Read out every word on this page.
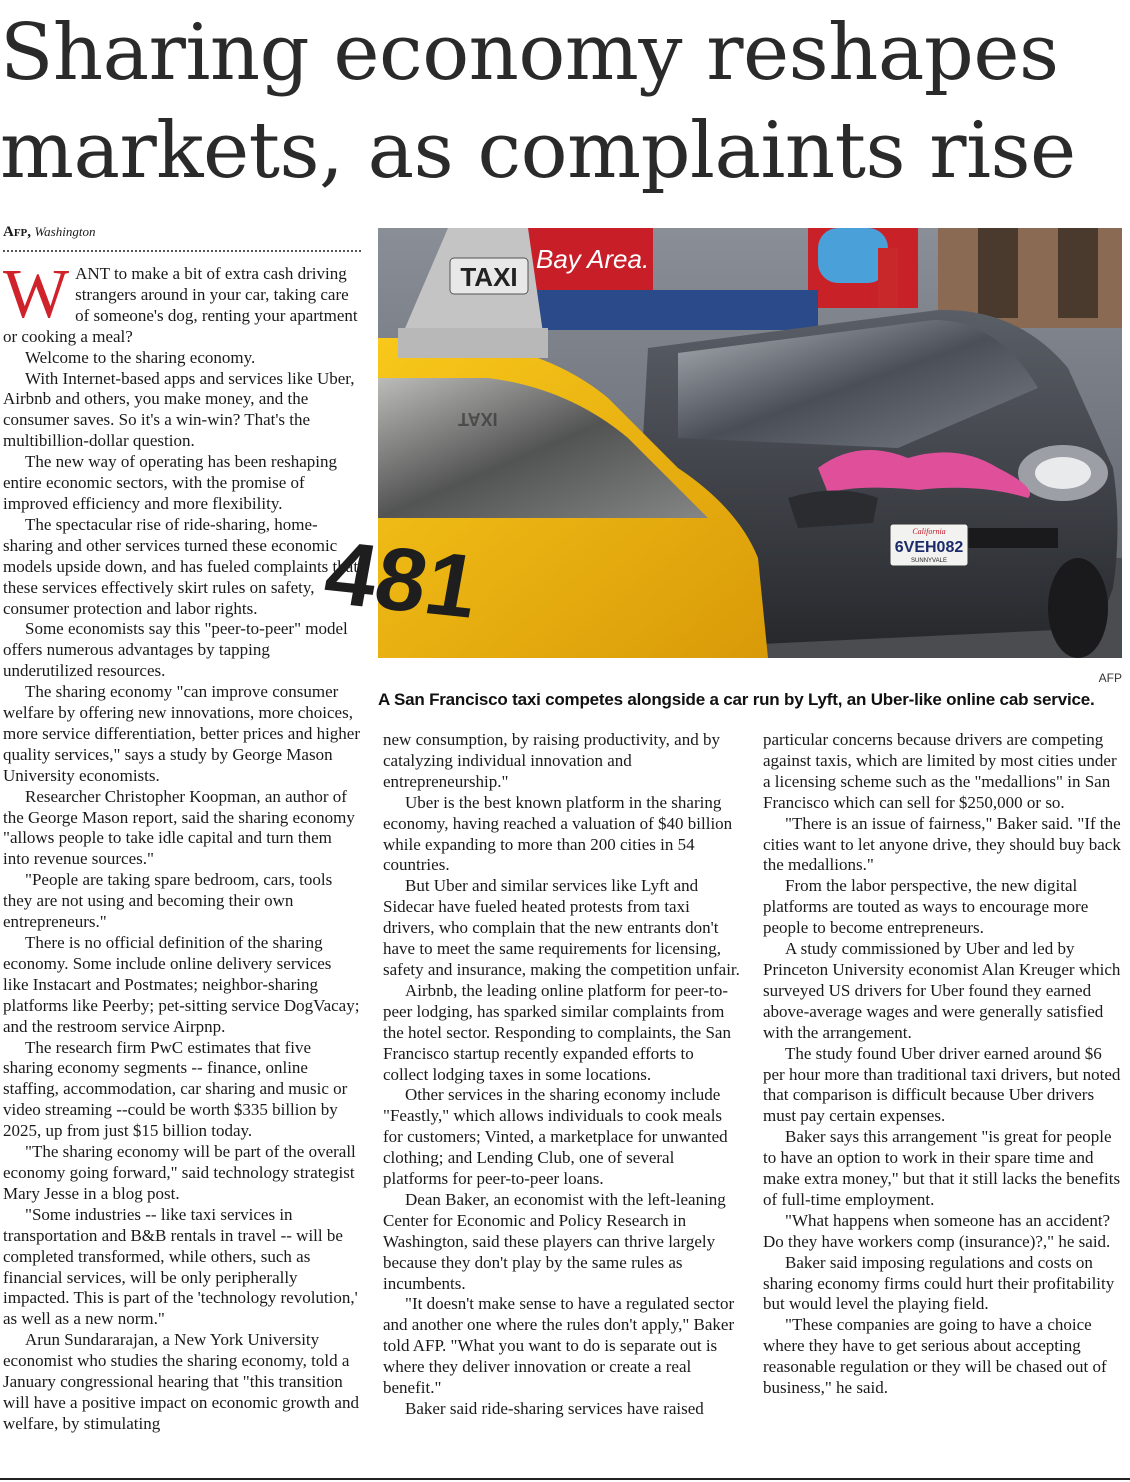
Sharing economy reshapes markets, as complaints rise
Afp, Washington

WANT to make a bit of extra cash driving strangers around in your car, taking care of someone's dog, renting your apartment or cooking a meal?

Welcome to the sharing economy.

With Internet-based apps and services like Uber, Airbnb and others, you make money, and the consumer saves. So it's a win-win? That's the multibillion-dollar question.

The new way of operating has been reshaping entire economic sectors, with the promise of improved efficiency and more flexibility.

The spectacular rise of ride-sharing, home-sharing and other services turned these economic models upside down, and has fueled complaints that these services effectively skirt rules on safety, consumer protection and labor rights.

Some economists say this "peer-to-peer" model offers numerous advantages by tapping underutilized resources.

The sharing economy "can improve consumer welfare by offering new innovations, more choices, more service differentiation, better prices and higher quality services," says a study by George Mason University economists.

Researcher Christopher Koopman, an author of the George Mason report, said the sharing economy "allows people to take idle capital and turn them into revenue sources."

"People are taking spare bedroom, cars, tools they are not using and becoming their own entrepreneurs."

There is no official definition of the sharing economy. Some include online delivery services like Instacart and Postmates; neighbor-sharing platforms like Peerby; pet-sitting service DogVacay; and the restroom service Airpnp.

The research firm PwC estimates that five sharing economy segments -- finance, online staffing, accommodation, car sharing and music or video streaming --could be worth $335 billion by 2025, up from just $15 billion today.

"The sharing economy will be part of the overall economy going forward," said technology strategist Mary Jesse in a blog post.

"Some industries -- like taxi services in transportation and B&B rentals in travel -- will be completed transformed, while others, such as financial services, will be only peripherally impacted. This is part of the 'technology revolution,' as well as a new norm."

Arun Sundararajan, a New York University economist who studies the sharing economy, told a January congressional hearing that "this transition will have a positive impact on economic growth and welfare, by stimulating

Bay Area.
California
6VEH082
SUNNYVALE
TAXI
481
TAXI
AFP
A San Francisco taxi competes alongside a car run by Lyft, an Uber-like online cab service.

new consumption, by raising productivity, and by catalyzing individual innovation and entrepreneurship."

Uber is the best known platform in the sharing economy, having reached a valuation of $40 billion while expanding to more than 200 cities in 54 countries.

But Uber and similar services like Lyft and Sidecar have fueled heated protests from taxi drivers, who complain that the new entrants don't have to meet the same requirements for licensing, safety and insurance, making the competition unfair.

Airbnb, the leading online platform for peer-to-peer lodging, has sparked similar complaints from the hotel sector. Responding to complaints, the San Francisco startup recently expanded efforts to collect lodging taxes in some locations.

Other services in the sharing economy include "Feastly," which allows individuals to cook meals for customers; Vinted, a marketplace for unwanted clothing; and Lending Club, one of several platforms for peer-to-peer loans.

Dean Baker, an economist with the left-leaning Center for Economic and Policy Research in Washington, said these players can thrive largely because they don't play by the same rules as incumbents.

"It doesn't make sense to have a regulated sector and another one where the rules don't apply," Baker told AFP. "What you want to do is separate out is where they deliver innovation or create a real benefit."

Baker said ride-sharing services have raised

particular concerns because drivers are competing against taxis, which are limited by most cities under a licensing scheme such as the "medallions" in San Francisco which can sell for $250,000 or so.

"There is an issue of fairness," Baker said. "If the cities want to let anyone drive, they should buy back the medallions."

From the labor perspective, the new digital platforms are touted as ways to encourage more people to become entrepreneurs.

A study commissioned by Uber and led by Princeton University economist Alan Kreuger which surveyed US drivers for Uber found they earned above-average wages and were generally satisfied with the arrangement.

The study found Uber driver earned around $6 per hour more than traditional taxi drivers, but noted that comparison is difficult because Uber drivers must pay certain expenses.

Baker says this arrangement "is great for people to have an option to work in their spare time and make extra money," but that it still lacks the benefits of full-time employment.

"What happens when someone has an accident? Do they have workers comp (insurance)?," he said.

Baker said imposing regulations and costs on sharing economy firms could hurt their profitability but would level the playing field.

"These companies are going to have a choice where they have to get serious about accepting reasonable regulation or they will be chased out of business," he said.
